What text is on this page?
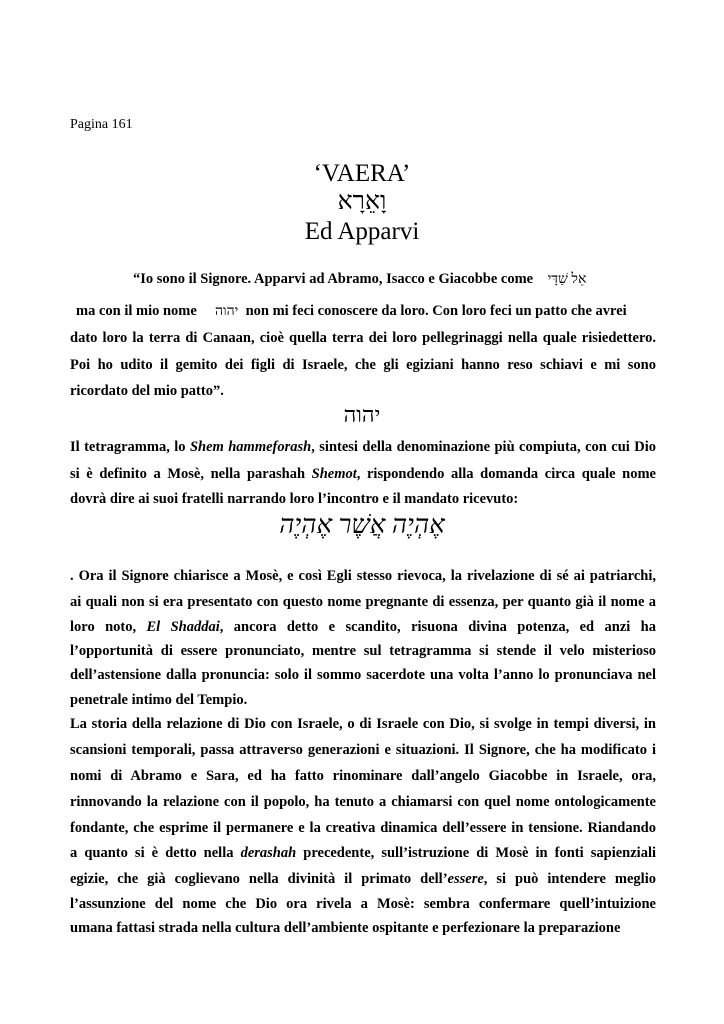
Pagina 161
‘VAERA’
וָאֵרָא
Ed Apparvi
“Io sono il Signore. Apparvi ad Abramo, Isacco e Giacobbe come אֵל שַׁדָּי
ma con il mio nome יהוה non mi feci conoscere da loro. Con loro feci un patto che avrei
dato loro la terra di Canaan, cioè quella terra dei loro pellegrinaggi nella quale risiedettero.
Poi ho udito il gemito dei figli di Israele, che gli egiziani hanno reso schiavi e mi sono
ricordato del mio patto”.
יהוה
Il tetragramma, lo Shem hammeforash, sintesi della denominazione più compiuta, con cui Dio
si è definito a Mosè, nella parashah Shemot, rispondendo alla domanda circa quale nome
dovrà dire ai suoi fratelli narrando loro l’incontro e il mandato ricevuto:
אֶהְיֶה אֲשֶׁר אֶהְיֶה
. Ora il Signore chiarisce a Mosè, e così Egli stesso rievoca, la rivelazione di sé ai patriarchi,
ai quali non si era presentato con questo nome pregnante di essenza, per quanto già il nome a
loro noto, El Shaddai, ancora detto e scandito, risuona divina potenza, ed anzi ha
l’opportunità di essere pronunciato, mentre sul tetragramma si stende il velo misterioso
dell’astensione dalla pronuncia: solo il sommo sacerdote una volta l’anno lo pronunciava nel
penetrale intimo del Tempio.
La storia della relazione di Dio con Israele, o di Israele con Dio, si svolge in tempi diversi, in
scansioni temporali, passa attraverso generazioni e situazioni. Il Signore, che ha modificato i
nomi di Abramo e Sara, ed ha fatto rinominare dall’angelo Giacobbe in Israele, ora,
rinnovando la relazione con il popolo, ha tenuto a chiamarsi con quel nome ontologicamente
fondante, che esprime il permanere e la creativa dinamica dell’essere in tensione. Riandando
a quanto si è detto nella derashah precedente, sull’istruzione di Mosè in fonti sapienziali
egizie, che già coglievano nella divinità il primato dell’essere, si può intendere meglio
l’assunzione del nome che Dio ora rivela a Mosè: sembra confermare quell’intuizione
umana fattasi strada nella cultura dell’ambiente ospitante e perfezionare la preparazione
